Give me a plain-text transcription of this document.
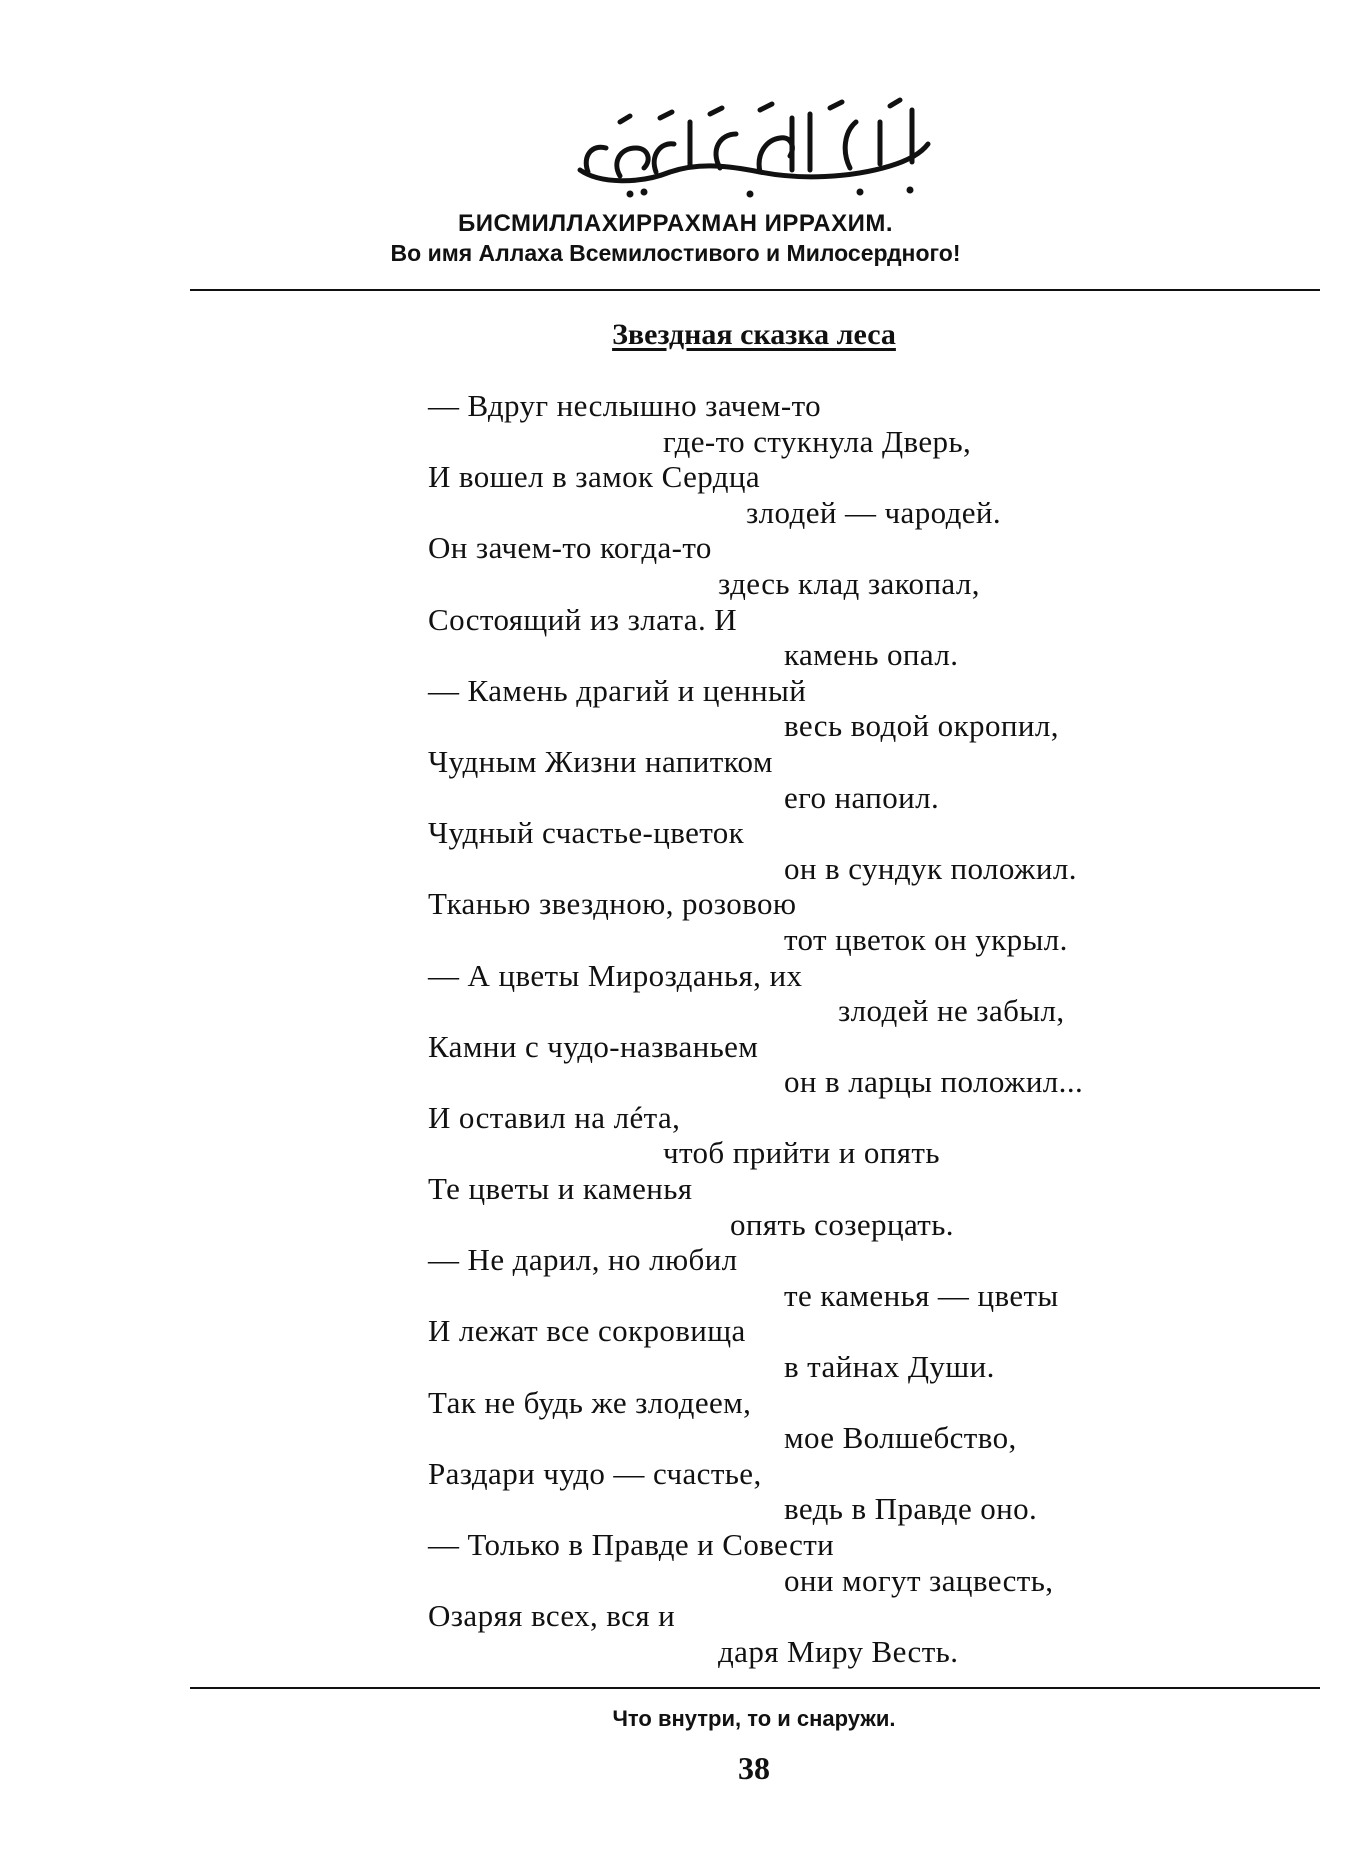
БИСМИЛЛАХИРРАХМАН ИРРАХИМ.
Во имя Аллаха Всемилостивого и Милосердного!
Звездная сказка леса
— Вдруг неслышно зачем-то
где-то стукнула Дверь,
И вошел в замок Сердца
злодей — чародей.
Он зачем-то когда-то
здесь клад закопал,
Состоящий из злата. И
камень опал.
— Камень драгий и ценный
весь водой окропил,
Чудным Жизни напитком
его напоил.
Чудный счастье-цветок
он в сундук положил.
Тканью звездною, розовою
тот цветок он укрыл.
— А цветы Мирозданья, их
злодей не забыл,
Камни с чудо-названьем
он в ларцы положил...
И оставил на лéта,
чтоб прийти и опять
Те цветы и каменья
опять созерцать.
— Не дарил, но любил
те каменья — цветы
И лежат все сокровища
в тайнах Души.
Так не будь же злодеем,
мое Волшебство,
Раздари чудо — счастье,
ведь в Правде оно.
— Только в Правде и Совести
они могут зацвесть,
Озаряя всех, вся и
даря Миру Весть.
Что внутри, то и снаружи.
38
